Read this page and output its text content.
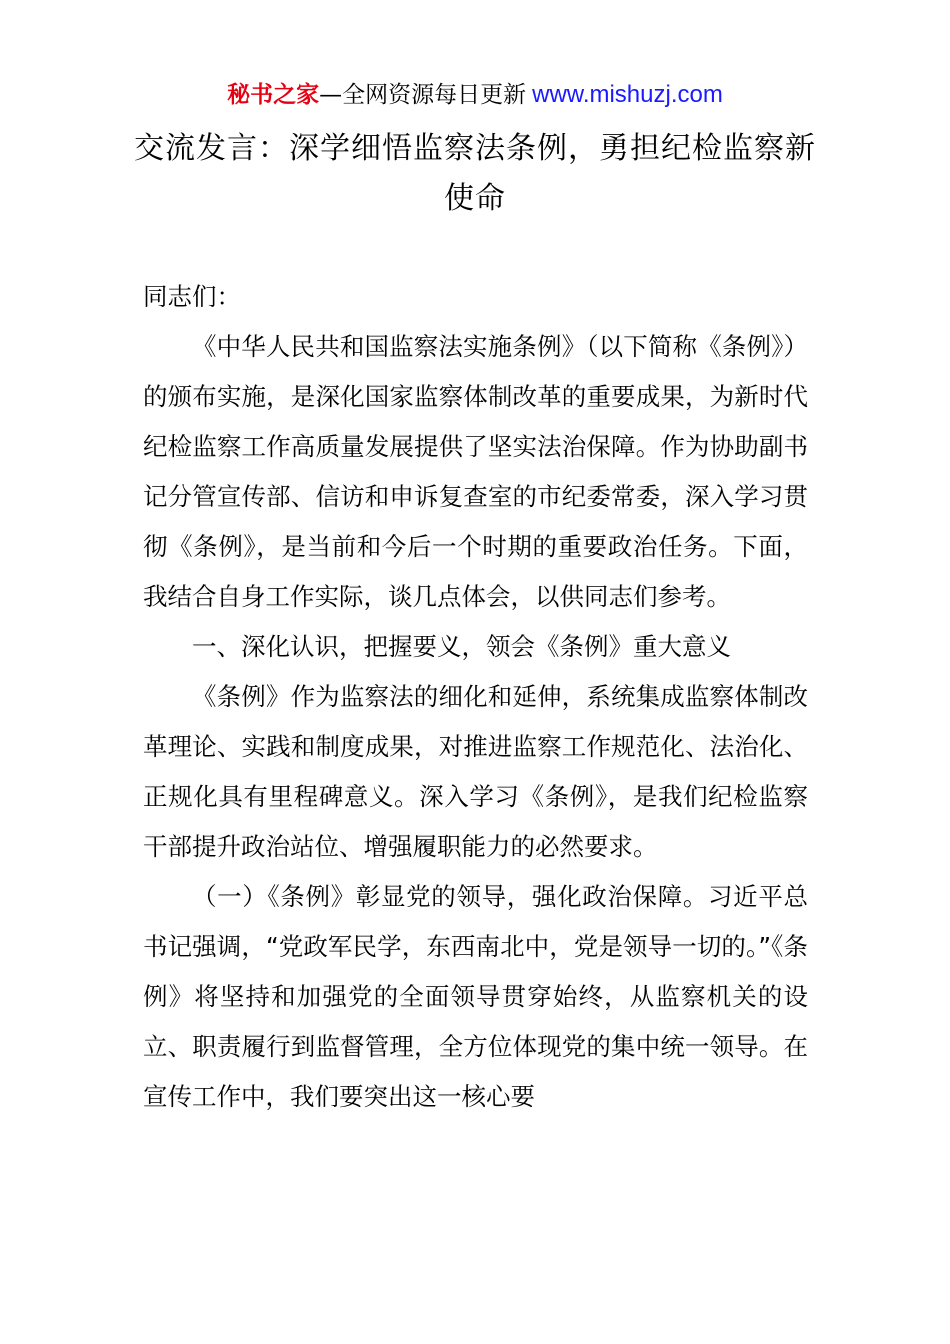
秘书之家—全网资源每日更新 www.mishuzj.com
交流发言：深学细悟监察法条例，勇担纪检监察新使命

同志们：

《中华人民共和国监察法实施条例》（以下简称《条例》）的颁布实施，是深化国家监察体制改革的重要成果，为新时代纪检监察工作高质量发展提供了坚实法治保障。作为协助副书记分管宣传部、信访和申诉复查室的市纪委常委，深入学习贯彻《条例》，是当前和今后一个时期的重要政治任务。下面，我结合自身工作实际，谈几点体会，以供同志们参考。

一、深化认识，把握要义，领会《条例》重大意义

《条例》作为监察法的细化和延伸，系统集成监察体制改革理论、实践和制度成果，对推进监察工作规范化、法治化、正规化具有里程碑意义。深入学习《条例》，是我们纪检监察干部提升政治站位、增强履职能力的必然要求。

（一）《条例》彰显党的领导，强化政治保障。习近平总书记强调，“党政军民学，东西南北中，党是领导一切的。”《条例》将坚持和加强党的全面领导贯穿始终，从监察机关的设立、职责履行到监督管理，全方位体现党的集中统一领导。在宣传工作中，我们要突出这一核心要
